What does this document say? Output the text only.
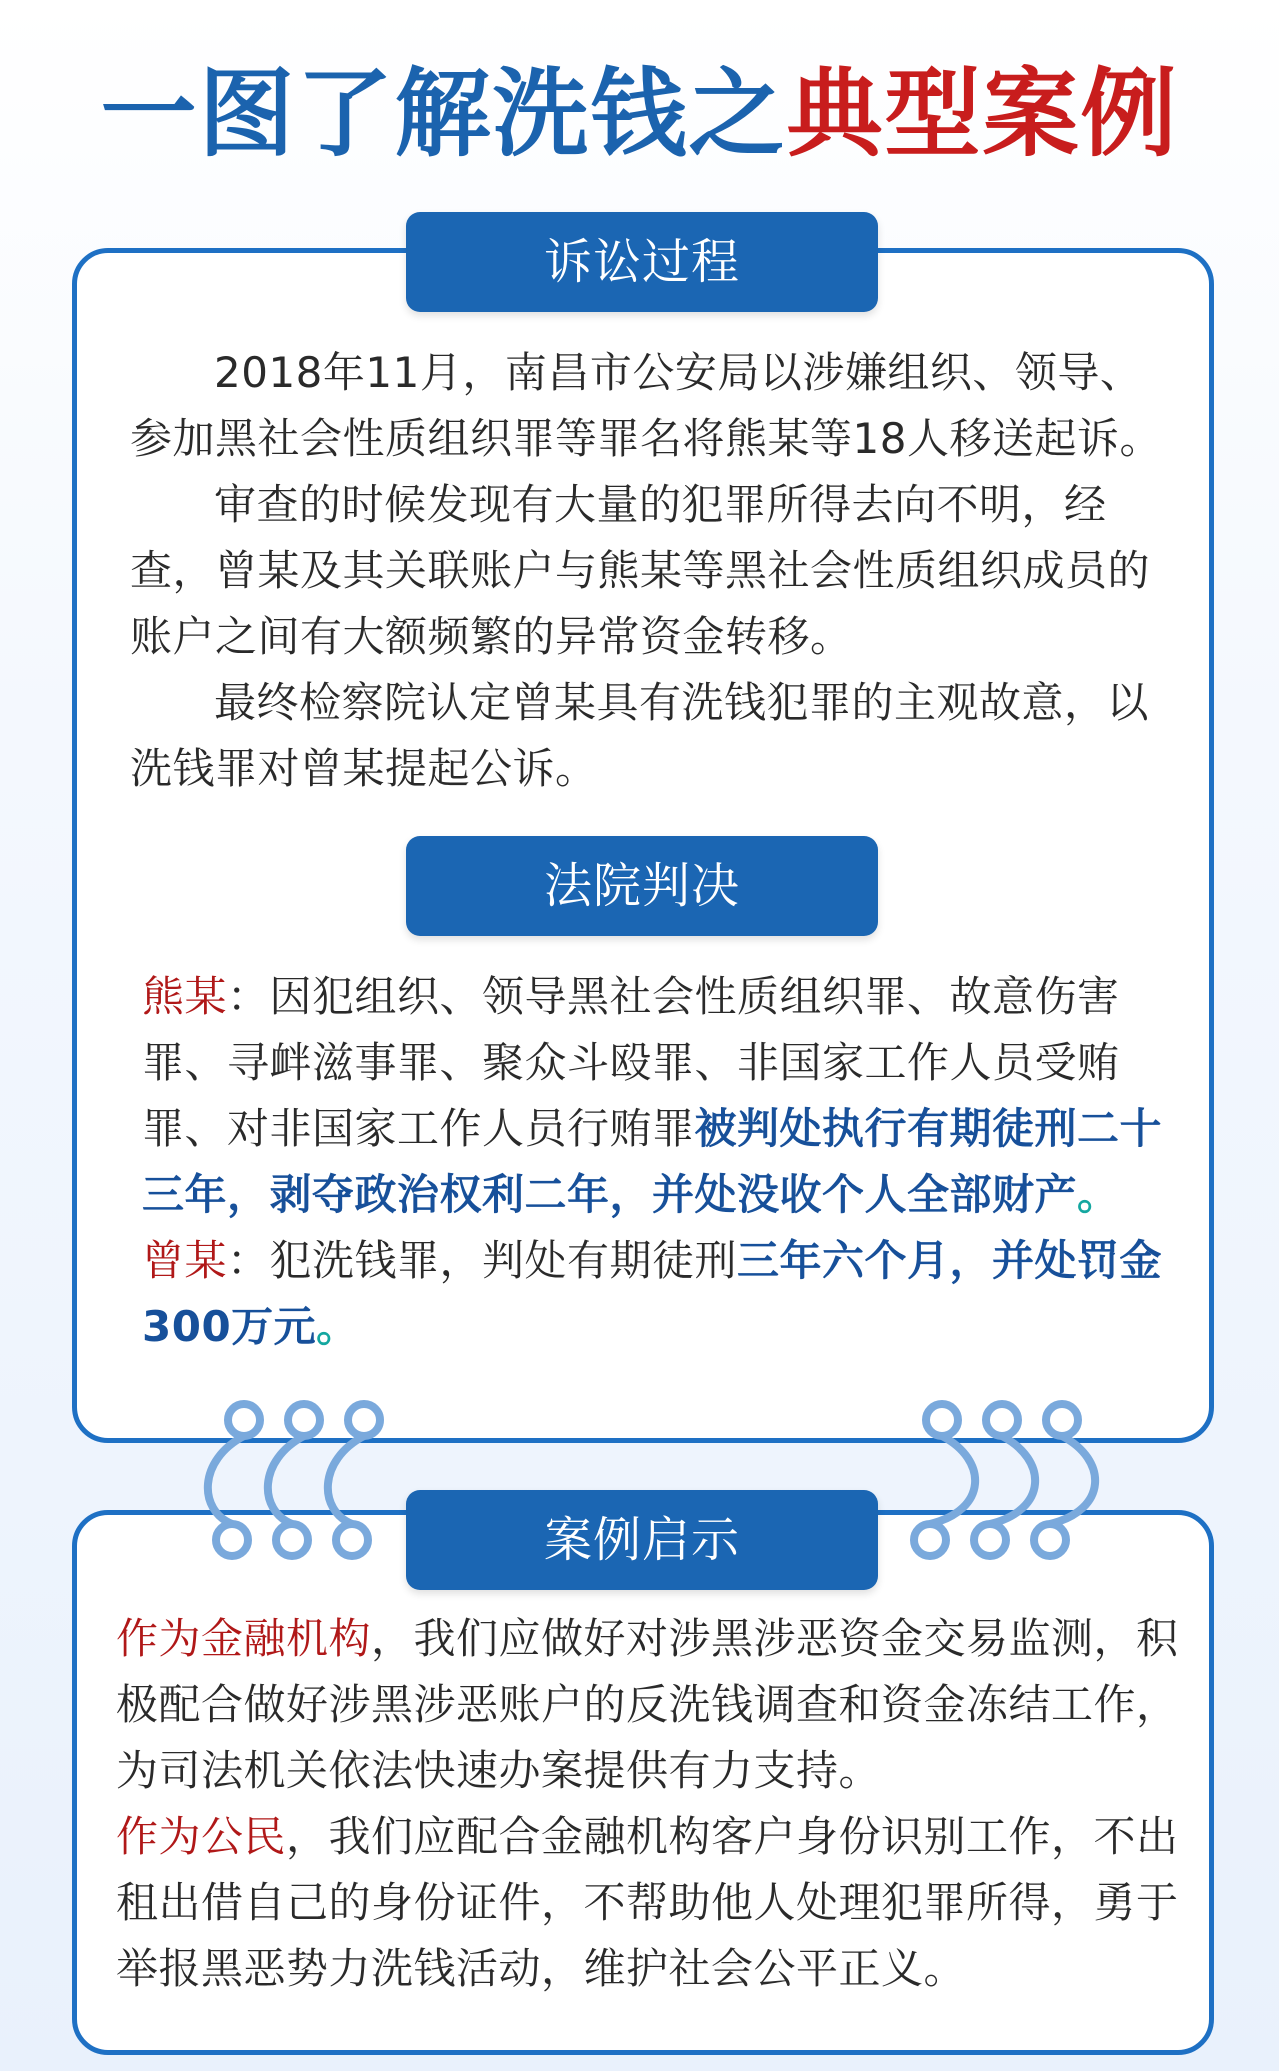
一图了解洗钱之典型案例
诉讼过程

2018年11月，南昌市公安局以涉嫌组织、领导、参加黑社会性质组织罪等罪名将熊某等18人移送起诉。

审查的时候发现有大量的犯罪所得去向不明，经查，曾某及其关联账户与熊某等黑社会性质组织成员的账户之间有大额频繁的异常资金转移。

最终检察院认定曾某具有洗钱犯罪的主观故意，以洗钱罪对曾某提起公诉。

法院判决

熊某：因犯组织、领导黑社会性质组织罪、故意伤害罪、寻衅滋事罪、聚众斗殴罪、非国家工作人员受贿罪、对非国家工作人员行贿罪被判处执行有期徒刑二十三年，剥夺政治权利二年，并处没收个人全部财产。

曾某：犯洗钱罪，判处有期徒刑三年六个月，并处罚金300万元。

案例启示

作为金融机构，我们应做好对涉黑涉恶资金交易监测，积极配合做好涉黑涉恶账户的反洗钱调查和资金冻结工作，为司法机关依法快速办案提供有力支持。

作为公民，我们应配合金融机构客户身份识别工作，不出租出借自己的身份证件，不帮助他人处理犯罪所得，勇于举报黑恶势力洗钱活动，维护社会公平正义。
